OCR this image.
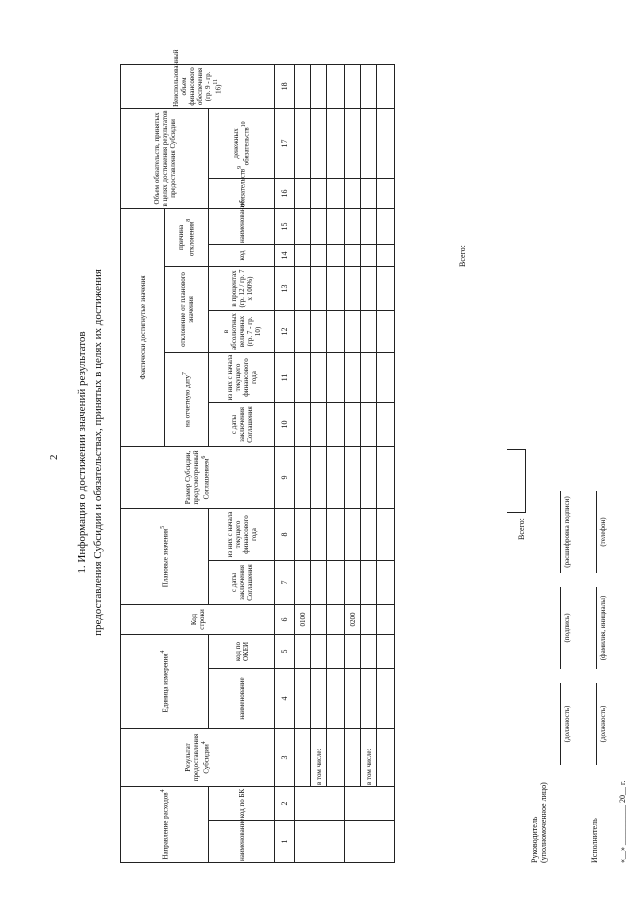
2 1. Информация о достижении значений результатов предоставления Субсидии и обязательствах, принятых в целях их достижения
Направление расходов$^4$		Результат предоставления Субсидии$^4$	Единица измерения$^4$		Код строки	Плановые значения$^5$		Размер Субсидии, предусмотренный Соглашением$^6$	Фактически достигнутые значения						Объем обязательств, принятых в целях достижения результатов предоставления Субсидии		Неиспользованный объем финансового обеспечения (гр. 9 - гр. 16)$^{11}$
									на отчетную дату$^7$		отклонение от планового значения		причина отклонения$^8$
наименование	код по БК		наименование	код по ОКЕИ		с даты заключения Соглашения	из них с начала текущего финансового года		с даты заключения Соглашения	из них с начала текущего финансового года	в абсолютных величинах (гр. 7 - гр. 10)	в процентах (гр. 12 / гр. 7 х 100%)	код	наименование	обязательств$^9$	денежных обязательств$^{10}$
1	2	3	4	5	6	7	8	9	10	11	12	13	14	15	16	17	18
					0100												
		в том числе:															

					0200												
		в том числе:															

Всего:
Всего:
Руководитель (уполномоченное лицо)
(должность)
(подпись)
(расшифровка подписи)
Исполнитель
(должность)
(фамилия, инициалы)
(телефон)
«__» __________ 20__ г.
